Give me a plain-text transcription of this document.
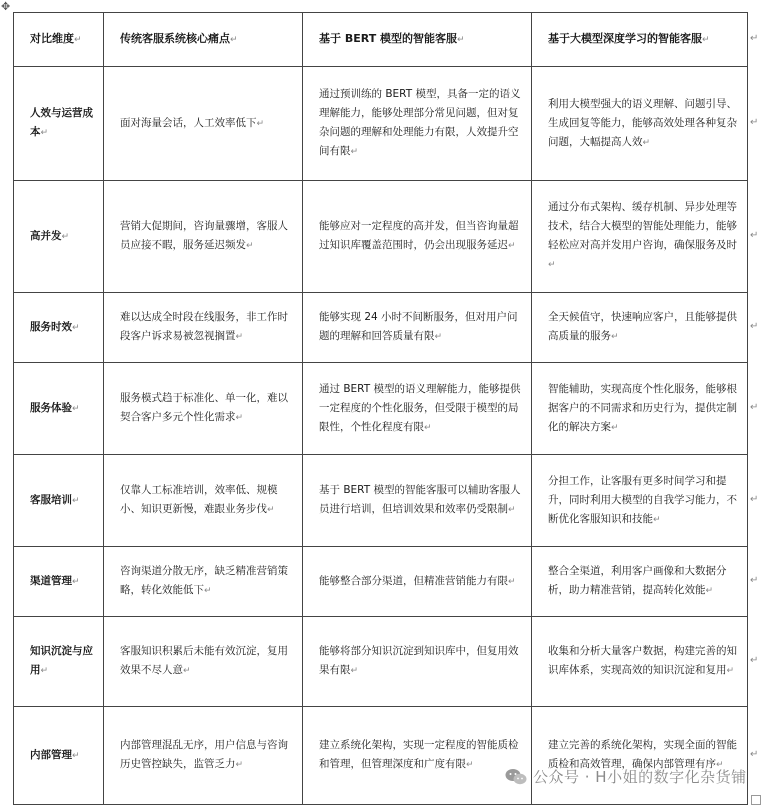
✥
对比维度↵	传统客服系统核心痛点↵	基于 BERT 模型的智能客服↵	基于大模型深度学习的智能客服↵
人效与运营成本↵	面对海量会话，人工效率低下↵	通过预训练的 BERT 模型，具备一定的语义理解能力，能够处理部分常见问题，但对复杂问题的理解和处理能力有限，人效提升空间有限↵	利用大模型强大的语义理解、问题引导、生成回复等能力，能够高效处理各种复杂问题，大幅提高人效↵
高并发↵	营销大促期间，咨询量骤增，客服人员应接不暇，服务延迟频发↵	能够应对一定程度的高并发，但当咨询量超过知识库覆盖范围时，仍会出现服务延迟↵	通过分布式架构、缓存机制、异步处理等技术，结合大模型的智能处理能力，能够轻松应对高并发用户咨询，确保服务及时↵
服务时效↵	难以达成全时段在线服务，非工作时段客户诉求易被忽视搁置↵	能够实现 24 小时不间断服务，但对用户问题的理解和回答质量有限↵	全天候值守，快速响应客户，且能够提供高质量的服务↵
服务体验↵	服务模式趋于标准化、单一化，难以契合客户多元个性化需求↵	通过 BERT 模型的语义理解能力，能够提供一定程度的个性化服务，但受限于模型的局限性，个性化程度有限↵	智能辅助，实现高度个性化服务，能够根据客户的不同需求和历史行为，提供定制化的解决方案↵
客服培训↵	仅靠人工标准培训，效率低、规模小、知识更新慢，难跟业务步伐↵	基于 BERT 模型的智能客服可以辅助客服人员进行培训，但培训效果和效率仍受限制↵	分担工作，让客服有更多时间学习和提升，同时利用大模型的自我学习能力，不断优化客服知识和技能↵
渠道管理↵	咨询渠道分散无序，缺乏精准营销策略，转化效能低下↵	能够整合部分渠道，但精准营销能力有限↵	整合全渠道，利用客户画像和大数据分析，助力精准营销，提高转化效能↵
知识沉淀与应用↵	客服知识积累后未能有效沉淀，复用效果不尽人意↵	能够将部分知识沉淀到知识库中，但复用效果有限↵	收集和分析大量客户数据，构建完善的知识库体系，实现高效的知识沉淀和复用↵
内部管理↵	内部管理混乱无序，用户信息与咨询历史管控缺失，监管乏力↵	建立系统化架构，实现一定程度的智能质检和管理，但管理深度和广度有限↵	建立完善的系统化架构，实现全面的智能质检和高效管理，确保内部管理有序↵
↵
↵
↵
↵
↵
↵
↵
↵
↵
公众号 · H小姐的数字化杂货铺
